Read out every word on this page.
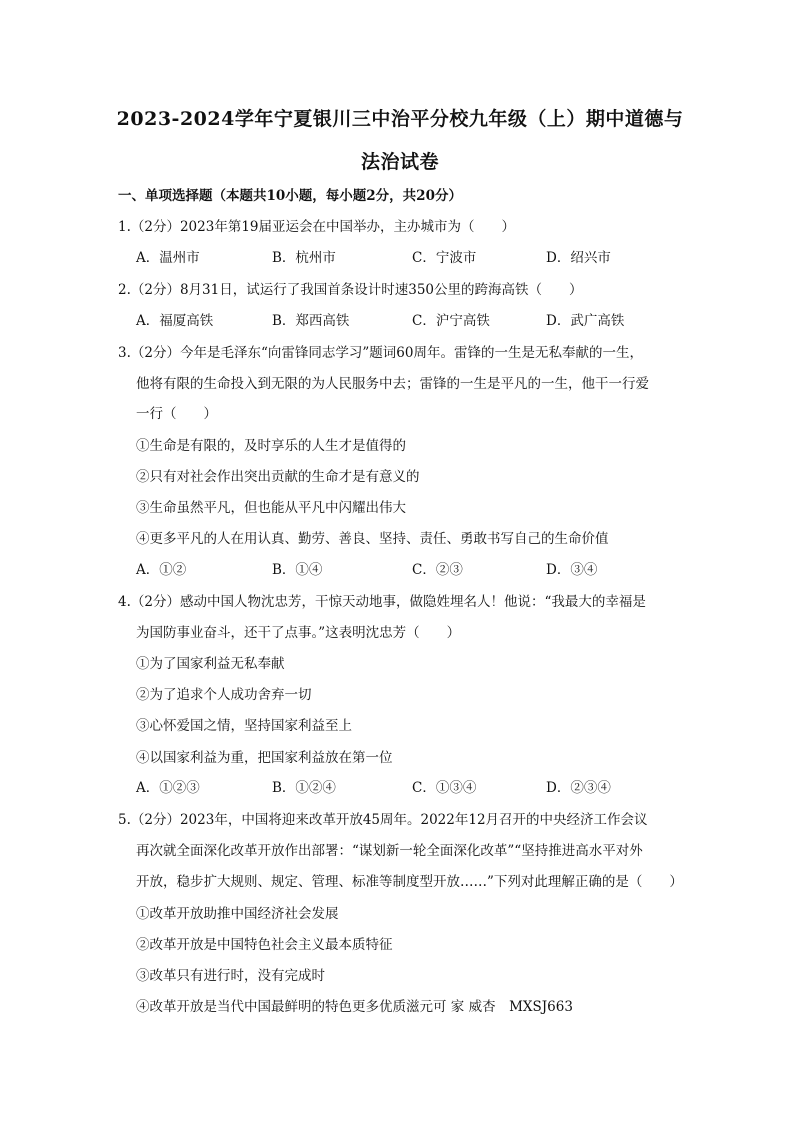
2023-2024学年宁夏银川三中治平分校九年级（上）期中道德与
法治试卷
一、单项选择题（本题共10小题，每小题2分，共20分）
1.（2分）2023年第19届亚运会在中国举办，主办城市为（　　）
A．温州市	B．杭州市	C．宁波市	D．绍兴市
2.（2分）8月31日，试运行了我国首条设计时速350公里的跨海高铁（　　）
A．福厦高铁	B．郑西高铁	C．沪宁高铁	D．武广高铁
3.（2分）今年是毛泽东“向雷锋同志学习”题词60周年。雷锋的一生是无私奉献的一生，
他将有限的生命投入到无限的为人民服务中去；雷锋的一生是平凡的一生，他干一行爱
一行（　　）
①生命是有限的，及时享乐的人生才是值得的
②只有对社会作出突出贡献的生命才是有意义的
③生命虽然平凡，但也能从平凡中闪耀出伟大
④更多平凡的人在用认真、勤劳、善良、坚持、责任、勇敢书写自己的生命价值
A．①②	B．①④	C．②③	D．③④
4.（2分）感动中国人物沈忠芳，干惊天动地事，做隐姓埋名人！他说：“我最大的幸福是
为国防事业奋斗，还干了点事。”这表明沈忠芳（　　）
①为了国家利益无私奉献
②为了追求个人成功舍弃一切
③心怀爱国之情，坚持国家利益至上
④以国家利益为重，把国家利益放在第一位
A．①②③	B．①②④	C．①③④	D．②③④
5.（2分）2023年，中国将迎来改革开放45周年。2022年12月召开的中央经济工作会议
再次就全面深化改革开放作出部署：“谋划新一轮全面深化改革”“坚持推进高水平对外
开放，稳步扩大规则、规定、管理、标准等制度型开放……”下列对此理解正确的是（　　）
①改革开放助推中国经济社会发展
②改革开放是中国特色社会主义最本质特征
③改革只有进行时，没有完成时
④改革开放是当代中国最鲜明的特色更多优质滋元可 家 威杏　MXSJ663
